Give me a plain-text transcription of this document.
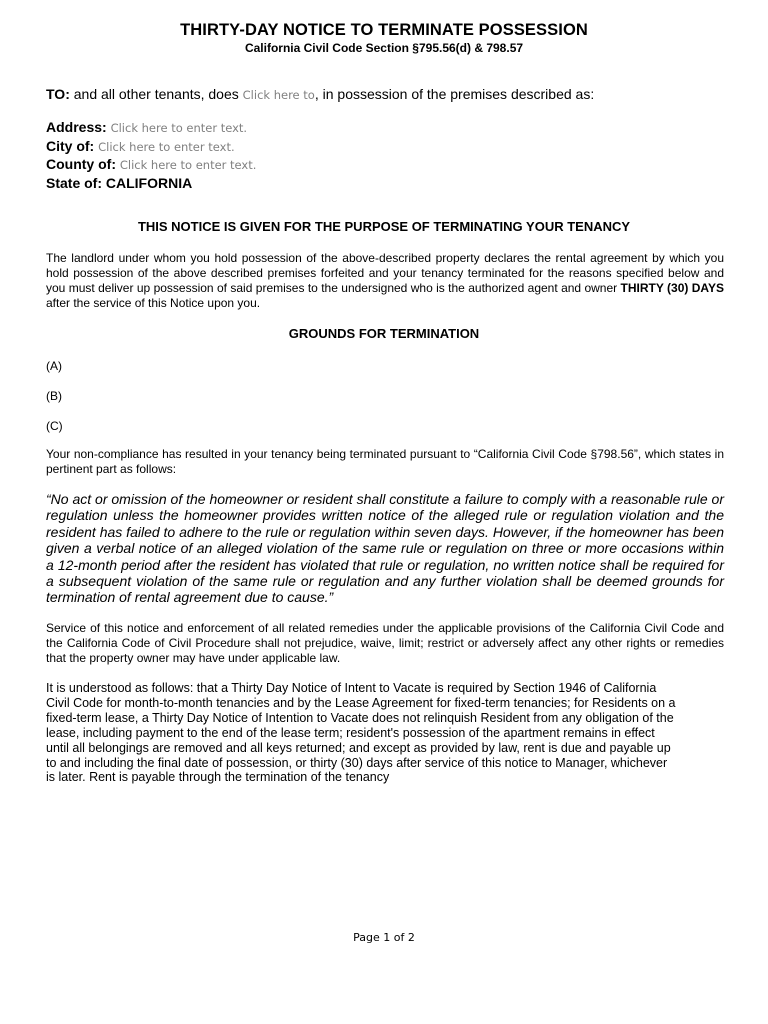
THIRTY-DAY NOTICE TO TERMINATE POSSESSION
California Civil Code Section §795.56(d) & 798.57
TO: and all other tenants, does Click here to, in possession of the premises described as:
Address: Click here to enter text.
City of: Click here to enter text.
County of: Click here to enter text.
State of: CALIFORNIA
THIS NOTICE IS GIVEN FOR THE PURPOSE OF TERMINATING YOUR TENANCY
The landlord under whom you hold possession of the above-described property declares the rental agreement by which you hold possession of the above described premises forfeited and your tenancy terminated for the reasons specified below and you must deliver up possession of said premises to the undersigned who is the authorized agent and owner THIRTY (30) DAYS after the service of this Notice upon you.
GROUNDS FOR TERMINATION
(A)
(B)
(C)
Your non-compliance has resulted in your tenancy being terminated pursuant to “California Civil Code §798.56”, which states in pertinent part as follows:
“No act or omission of the homeowner or resident shall constitute a failure to comply with a reasonable rule or regulation unless the homeowner provides written notice of the alleged rule or regulation violation and the resident has failed to adhere to the rule or regulation within seven days. However, if the homeowner has been given a verbal notice of an alleged violation of the same rule or regulation on three or more occasions within a 12-month period after the resident has violated that rule or regulation, no written notice shall be required for a subsequent violation of the same rule or regulation and any further violation shall be deemed grounds for termination of rental agreement due to cause.”
Service of this notice and enforcement of all related remedies under the applicable provisions of the California Civil Code and the California Code of Civil Procedure shall not prejudice, waive, limit; restrict or adversely affect any other rights or remedies that the property owner may have under applicable law.
It is understood as follows: that a Thirty Day Notice of Intent to Vacate is required by Section 1946 of California
Civil Code for month-to-month tenancies and by the Lease Agreement for fixed-term tenancies; for Residents on a
fixed-term lease, a Thirty Day Notice of Intention to Vacate does not relinquish Resident from any obligation of the
lease, including payment to the end of the lease term; resident's possession of the apartment remains in effect
until all belongings are removed and all keys returned; and except as provided by law, rent is due and payable up
to and including the final date of possession, or thirty (30) days after service of this notice to Manager, whichever
is later. Rent is payable through the termination of the tenancy
Page 1 of 2
